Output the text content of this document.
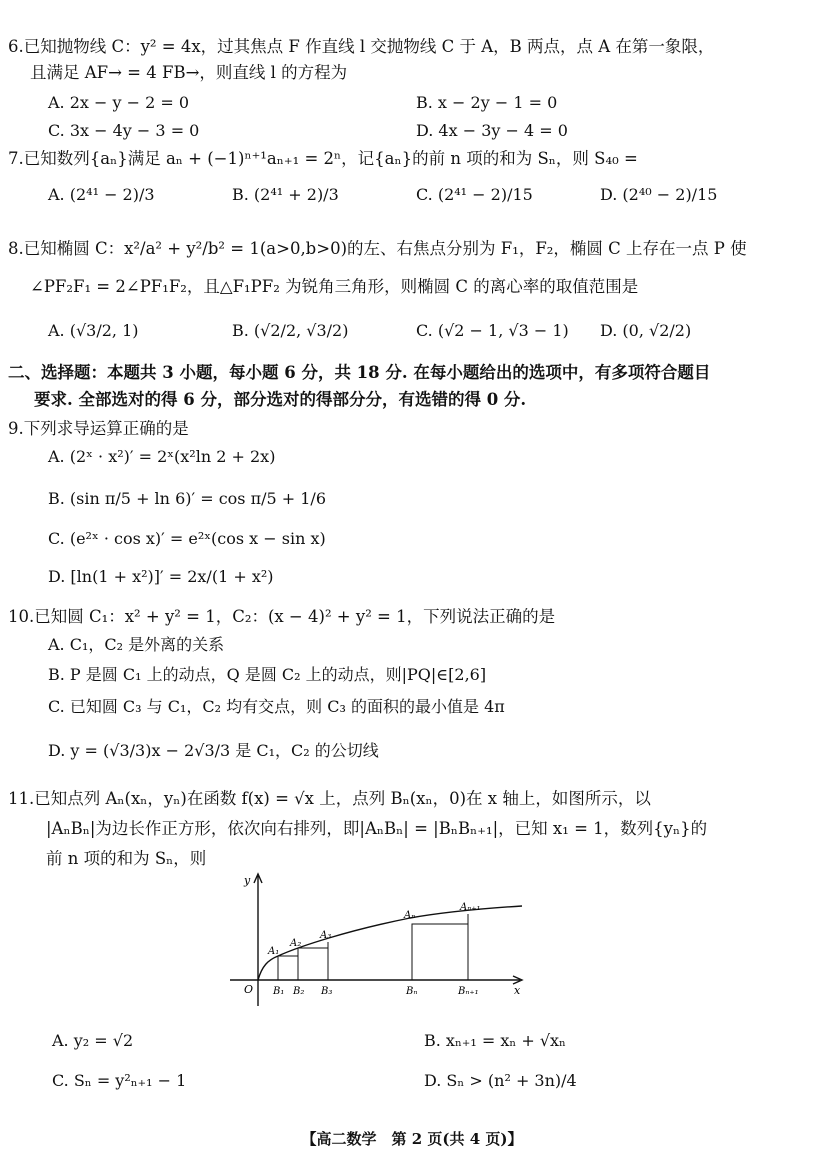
6.已知抛物线 C：y² = 4x，过其焦点 F 作直线 l 交抛物线 C 于 A，B 两点，点 A 在第一象限，
且满足 AF→ = 4 FB→，则直线 l 的方程为
A. 2x − y − 2 = 0	B. x − 2y − 1 = 0
C. 3x − 4y − 3 = 0	D. 4x − 3y − 4 = 0
7.已知数列{aₙ}满足 aₙ + (−1)ⁿ⁺¹aₙ₊₁ = 2ⁿ，记{aₙ}的前 n 项的和为 Sₙ，则 S₄₀ =
A. (2⁴¹ − 2)/3	B. (2⁴¹ + 2)/3	C. (2⁴¹ − 2)/15	D. (2⁴⁰ − 2)/15
8.已知椭圆 C：x²/a² + y²/b² = 1(a>0,b>0)的左、右焦点分别为 F₁，F₂，椭圆 C 上存在一点 P 使
∠PF₂F₁ = 2∠PF₁F₂，且△F₁PF₂ 为锐角三角形，则椭圆 C 的离心率的取值范围是
A. (√3/2, 1)	B. (√2/2, √3/2)	C. (√2 − 1, √3 − 1) D. (0, √2/2)
二、选择题：本题共 3 小题，每小题 6 分，共 18 分. 在每小题给出的选项中，有多项符合题目
要求. 全部选对的得 6 分，部分选对的得部分分，有选错的得 0 分.
9.下列求导运算正确的是
A. (2ˣ · x²)′ = 2ˣ(x²ln 2 + 2x)
B. (sin π/5 + ln 6)′ = cos π/5 + 1/6
C. (e²ˣ · cos x)′ = e²ˣ(cos x − sin x)
D. [ln(1 + x²)]′ = 2x/(1 + x²)
10.已知圆 C₁：x² + y² = 1，C₂：(x − 4)² + y² = 1，下列说法正确的是
A. C₁，C₂ 是外离的关系
B. P 是圆 C₁ 上的动点，Q 是圆 C₂ 上的动点，则|PQ|∈[2,6]
C. 已知圆 C₃ 与 C₁，C₂ 均有交点，则 C₃ 的面积的最小值是 4π
D. y = (√3/3)x − 2√3/3 是 C₁，C₂ 的公切线
11.已知点列 Aₙ(xₙ，yₙ)在函数 f(x) = √x 上，点列 Bₙ(xₙ，0)在 x 轴上，如图所示，以
|AₙBₙ|为边长作正方形，依次向右排列，即|AₙBₙ| = |BₙBₙ₊₁|，已知 x₁ = 1，数列{yₙ}的
前 n 项的和为 Sₙ，则
y
x
O
A₁
A₂
A₃
Aₙ
Aₙ₊₁
B₁ B₂ B₃	Bₙ	Bₙ₊₁
A. y₂ = √2	B. xₙ₊₁ = xₙ + √xₙ
C. Sₙ = y²ₙ₊₁ − 1	D. Sₙ > (n² + 3n)/4
【高二数学　第 2 页(共 4 页)】
